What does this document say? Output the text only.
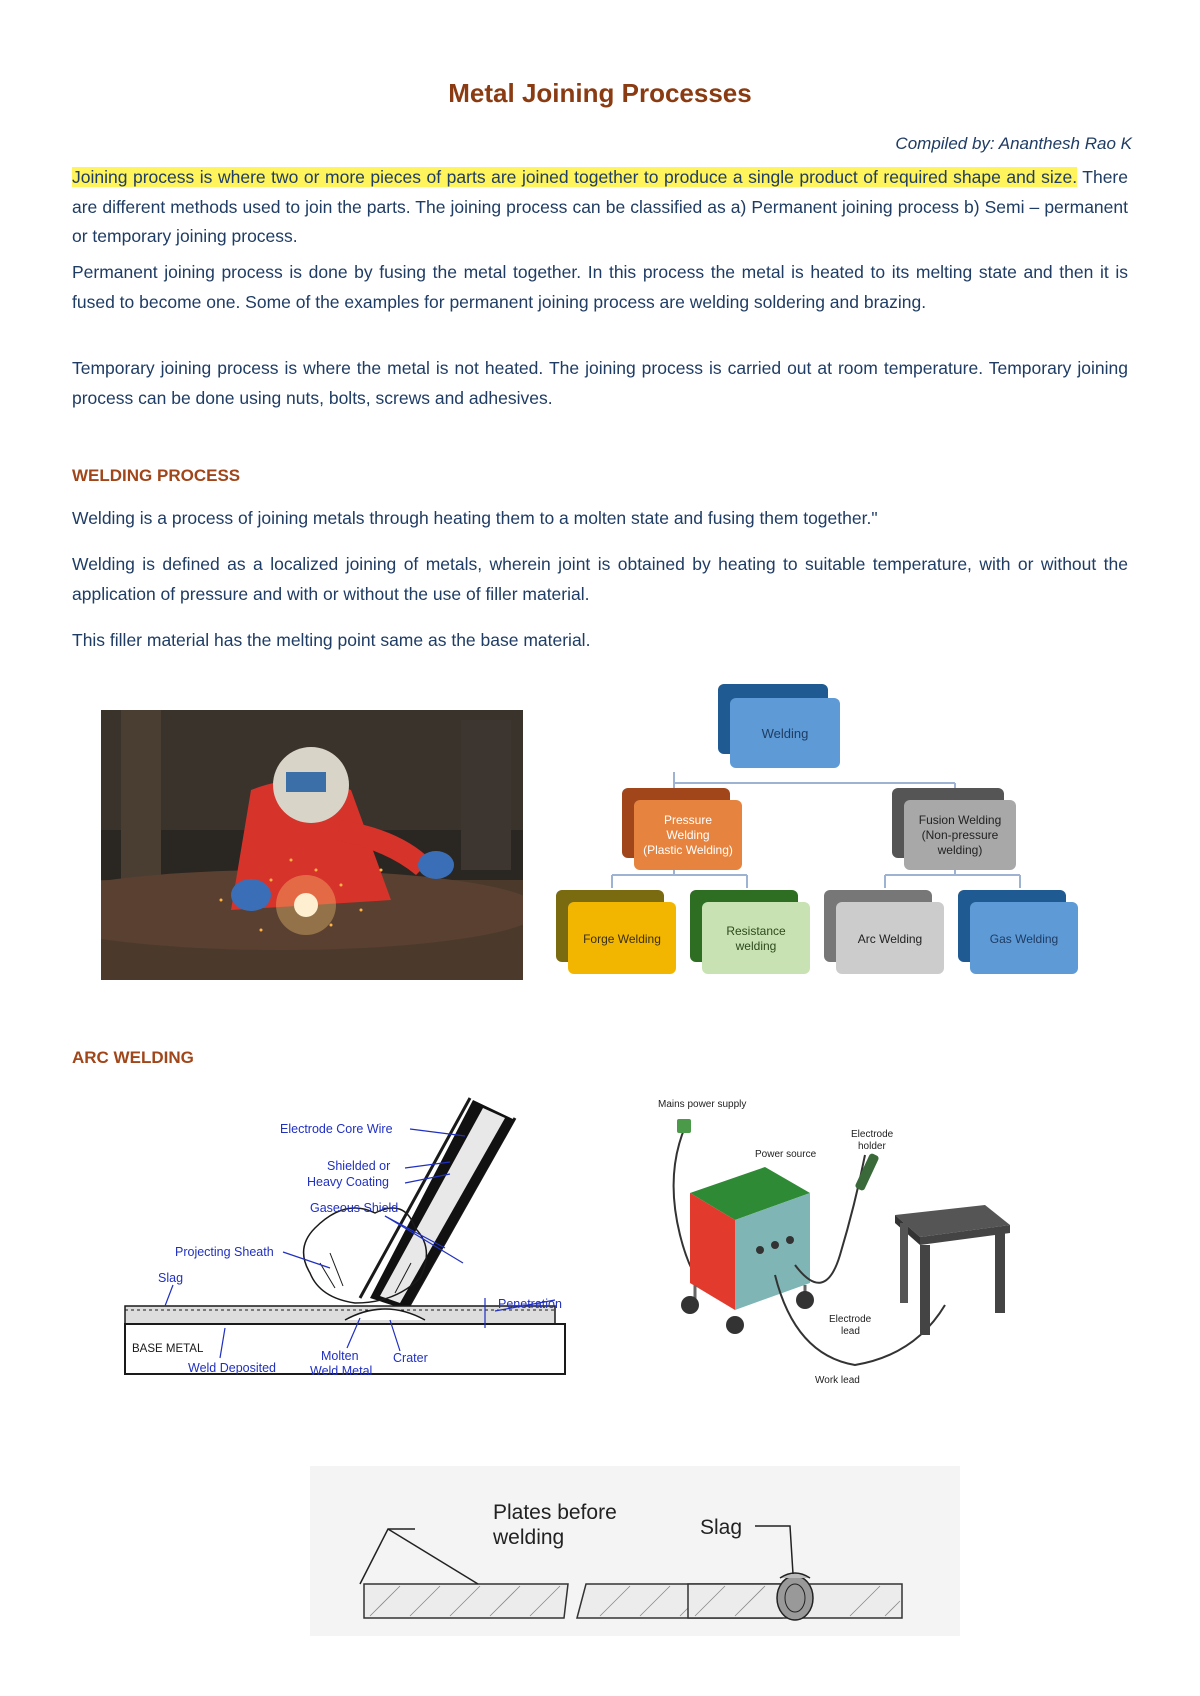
Metal Joining Processes
Compiled by: Ananthesh Rao K

Joining process is where two or more pieces of parts are joined together to produce a single product of required shape and size. There are different methods used to join the parts. The joining process can be classified as a) Permanent joining process b) Semi – permanent or temporary joining process.

Permanent joining process is done by fusing the metal together. In this process the metal is heated to its melting state and then it is fused to become one. Some of the examples for permanent joining process are welding soldering and brazing.

Temporary joining process is where the metal is not heated. The joining process is carried out at room temperature. Temporary joining process can be done using nuts, bolts, screws and adhesives.

WELDING PROCESS

Welding is a process of joining metals through heating them to a molten state and fusing them together."

Welding is defined as a localized joining of metals, wherein joint is obtained by heating to suitable temperature, with or without the application of pressure and with or without the use of filler material.

This filler material has the melting point same as the base material.

Welding
Pressure
Welding
(Plastic Welding)
Fusion Welding
(Non-pressure
welding)
Forge Welding
Resistance
welding	Arc Welding	Gas Welding
ARC WELDING
Electrode Core Wire
Shielded or
Heavy Coating
Gaseous Shield
Projecting Sheath
Slag
Penetration
Weld Deposited
Molten
Weld Metal
Crater
BASE METAL
Mains power supply
Power source
Electrode
holder
Electrode
lead
Work lead
Plates before
welding	Slag
